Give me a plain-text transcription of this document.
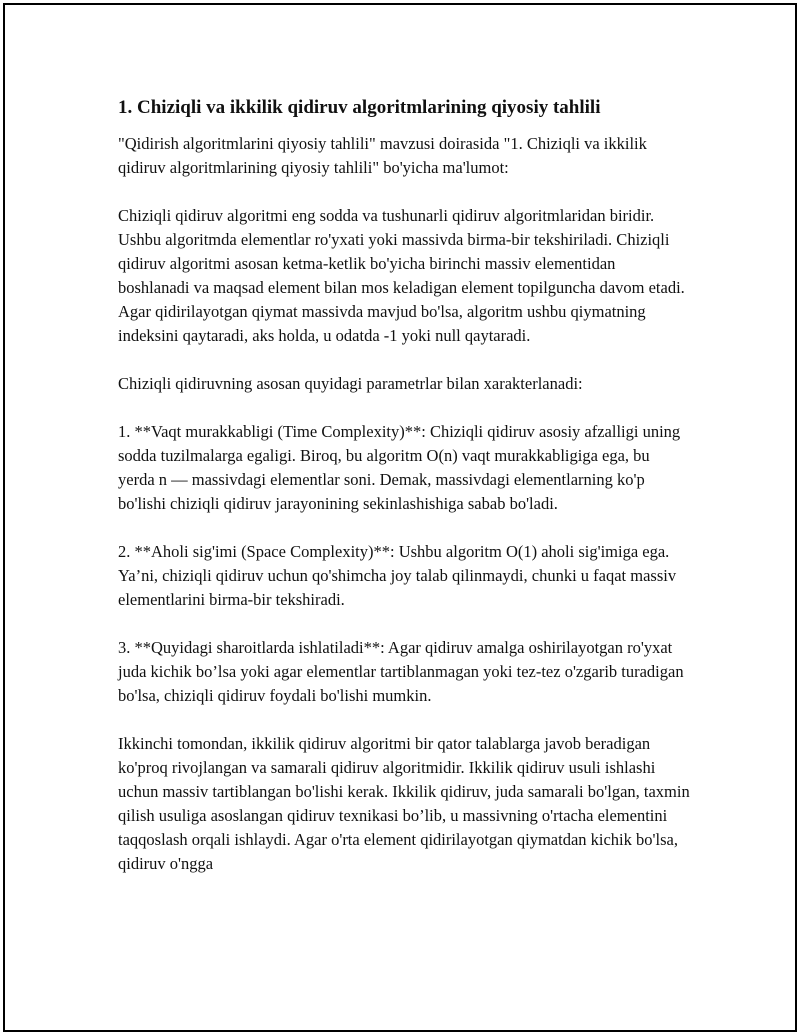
1. Chiziqli va ikkilik qidiruv algoritmlarining qiyosiy tahlili

"Qidirish algoritmlarini qiyosiy tahlili" mavzusi doirasida "1. Chiziqli va ikkilik qidiruv algoritmlarining qiyosiy tahlili" bo'yicha ma'lumot:

Chiziqli qidiruv algoritmi eng sodda va tushunarli qidiruv algoritmlaridan biridir. Ushbu algoritmda elementlar ro'yxati yoki massivda birma-bir tekshiriladi. Chiziqli qidiruv algoritmi asosan ketma-ketlik bo'yicha birinchi massiv elementidan boshlanadi va maqsad element bilan mos keladigan element topilguncha davom etadi. Agar qidirilayotgan qiymat massivda mavjud bo'lsa, algoritm ushbu qiymatning indeksini qaytaradi, aks holda, u odatda -1 yoki null qaytaradi.

Chiziqli qidiruvning asosan quyidagi parametrlar bilan xarakterlanadi:

1. **Vaqt murakkabligi (Time Complexity)**: Chiziqli qidiruv asosiy afzalligi uning sodda tuzilmalarga egaligi. Biroq, bu algoritm O(n) vaqt murakkabligiga ega, bu yerda n — massivdagi elementlar soni. Demak, massivdagi elementlarning ko'p bo'lishi chiziqli qidiruv jarayonining sekinlashishiga sabab bo'ladi.

2. **Aholi sig'imi (Space Complexity)**: Ushbu algoritm O(1) aholi sig'imiga ega. Ya’ni, chiziqli qidiruv uchun qo'shimcha joy talab qilinmaydi, chunki u faqat massiv elementlarini birma-bir tekshiradi.

3. **Quyidagi sharoitlarda ishlatiladi**: Agar qidiruv amalga oshirilayotgan ro'yxat juda kichik bo’lsa yoki agar elementlar tartiblanmagan yoki tez-tez o'zgarib turadigan bo'lsa, chiziqli qidiruv foydali bo'lishi mumkin.

Ikkinchi tomondan, ikkilik qidiruv algoritmi bir qator talablarga javob beradigan ko'proq rivojlangan va samarali qidiruv algoritmidir. Ikkilik qidiruv usuli ishlashi uchun massiv tartiblangan bo'lishi kerak. Ikkilik qidiruv, juda samarali bo'lgan, taxmin qilish usuliga asoslangan qidiruv texnikasi bo’lib, u massivning o'rtacha elementini taqqoslash orqali ishlaydi. Agar o'rta element qidirilayotgan qiymatdan kichik bo'lsa, qidiruv o'ngga
